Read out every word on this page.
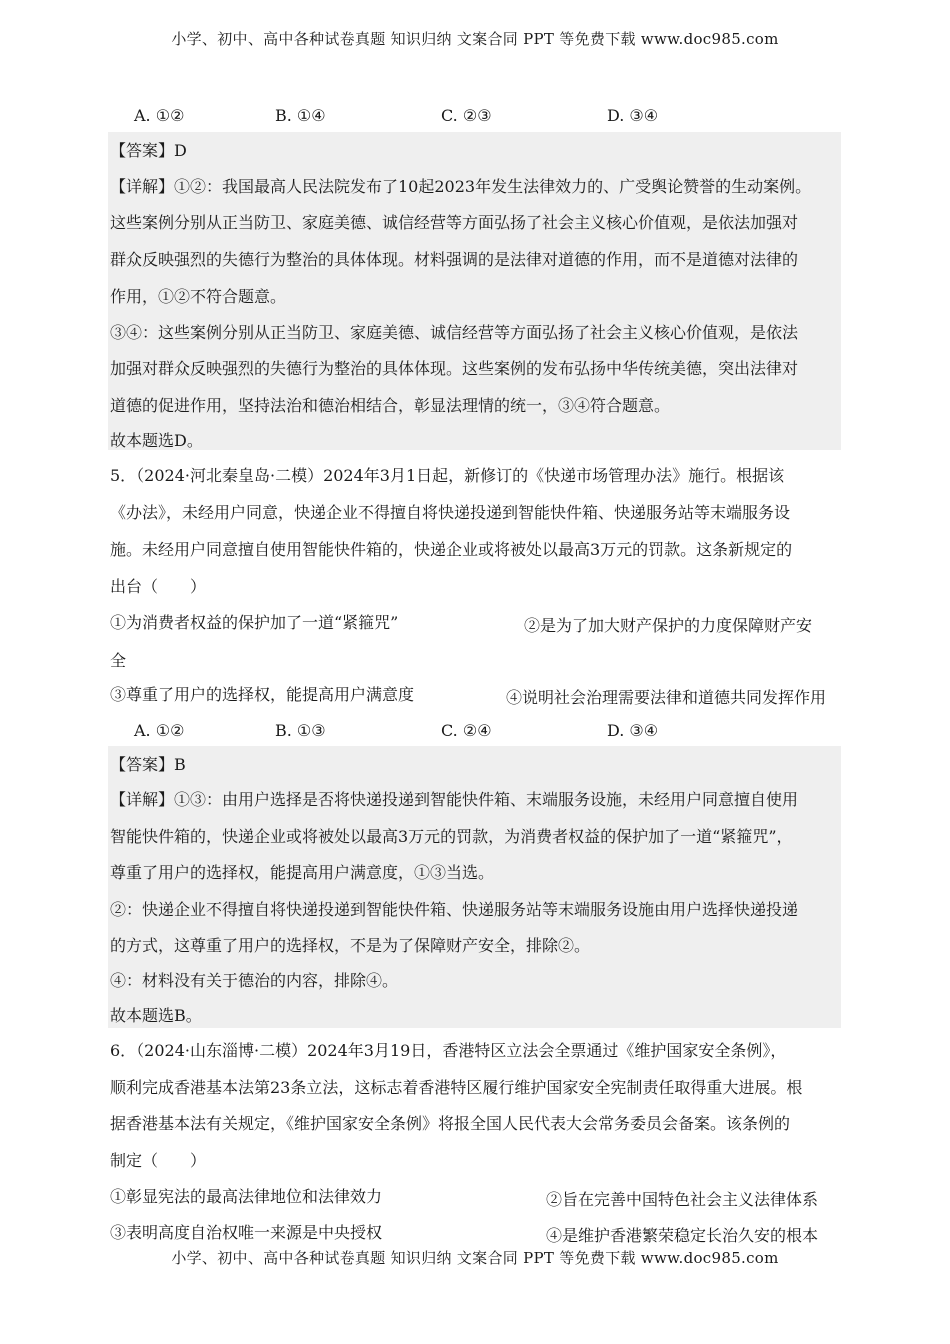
小学、初中、高中各种试卷真题 知识归纳 文案合同 PPT 等免费下载 www.doc985.com
A. ①②	B. ①④	C. ②③	D. ③④
【答案】D
【详解】①②：我国最高人民法院发布了10起2023年发生法律效力的、广受舆论赞誉的生动案例。
这些案例分别从正当防卫、家庭美德、诚信经营等方面弘扬了社会主义核心价值观，是依法加强对
群众反映强烈的失德行为整治的具体体现。材料强调的是法律对道德的作用，而不是道德对法律的
作用，①②不符合题意。
③④：这些案例分别从正当防卫、家庭美德、诚信经营等方面弘扬了社会主义核心价值观，是依法
加强对群众反映强烈的失德行为整治的具体体现。这些案例的发布弘扬中华传统美德，突出法律对
道德的促进作用，坚持法治和德治相结合，彰显法理情的统一，③④符合题意。
故本题选D。
5．（2024·河北秦皇岛·二模）2024年3月1日起，新修订的《快递市场管理办法》施行。根据该
《办法》，未经用户同意，快递企业不得擅自将快递投递到智能快件箱、快递服务站等末端服务设
施。未经用户同意擅自使用智能快件箱的，快递企业或将被处以最高3万元的罚款。这条新规定的
出台（　　）
①为消费者权益的保护加了一道“紧箍咒”	②是为了加大财产保护的力度保障财产安
全
③尊重了用户的选择权，能提高用户满意度	④说明社会治理需要法律和道德共同发挥作用
A. ①②	B. ①③	C. ②④	D. ③④
【答案】B
【详解】①③：由用户选择是否将快递投递到智能快件箱、末端服务设施，未经用户同意擅自使用
智能快件箱的，快递企业或将被处以最高3万元的罚款，为消费者权益的保护加了一道“紧箍咒”，
尊重了用户的选择权，能提高用户满意度，①③当选。
②：快递企业不得擅自将快递投递到智能快件箱、快递服务站等末端服务设施由用户选择快递投递
的方式，这尊重了用户的选择权，不是为了保障财产安全，排除②。
④：材料没有关于德治的内容，排除④。
故本题选B。
6．（2024·山东淄博·二模）2024年3月19日，香港特区立法会全票通过《维护国家安全条例》，
顺利完成香港基本法第23条立法，这标志着香港特区履行维护国家安全宪制责任取得重大进展。根
据香港基本法有关规定，《维护国家安全条例》将报全国人民代表大会常务委员会备案。该条例的
制定（　　）
①彰显宪法的最高法律地位和法律效力	②旨在完善中国特色社会主义法律体系
③表明高度自治权唯一来源是中央授权	④是维护香港繁荣稳定长治久安的根本
小学、初中、高中各种试卷真题 知识归纳 文案合同 PPT 等免费下载 www.doc985.com
